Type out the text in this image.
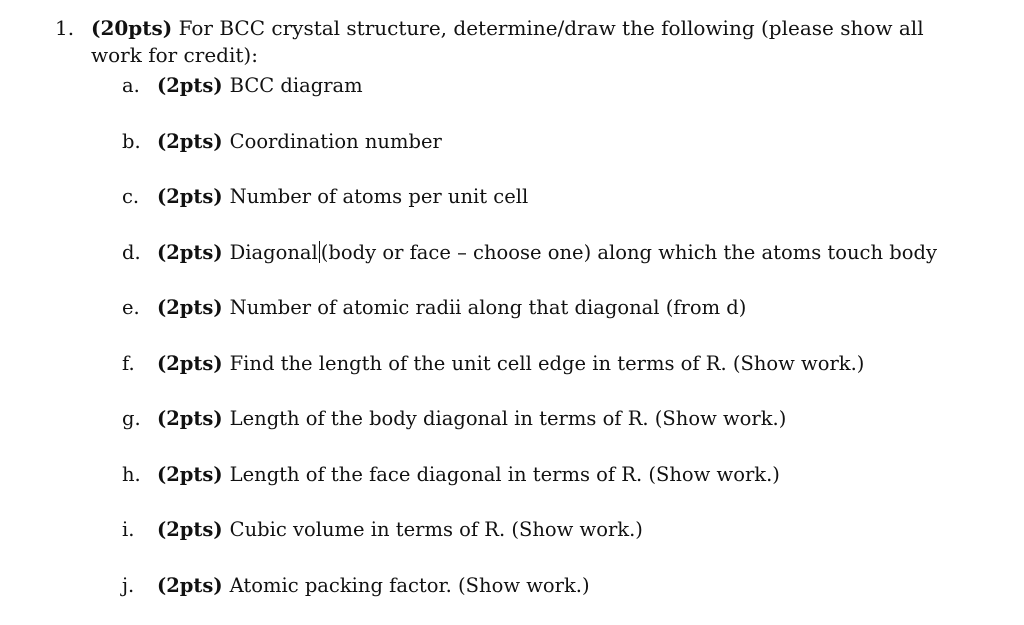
1. (20pts) For BCC crystal structure, determine/draw the following (please show all work for credit):
a. (2pts) BCC diagram
b. (2pts) Coordination number
c. (2pts) Number of atoms per unit cell
d. (2pts) Diagonal (body or face – choose one) along which the atoms touch body
e. (2pts) Number of atomic radii along that diagonal (from d)
f.	(2pts) Find the length of the unit cell edge in terms of R. (Show work.)
g. (2pts) Length of the body diagonal in terms of R. (Show work.)
h. (2pts) Length of the face diagonal in terms of R. (Show work.)
i.	(2pts) Cubic volume in terms of R. (Show work.)
j.	(2pts) Atomic packing factor. (Show work.)
